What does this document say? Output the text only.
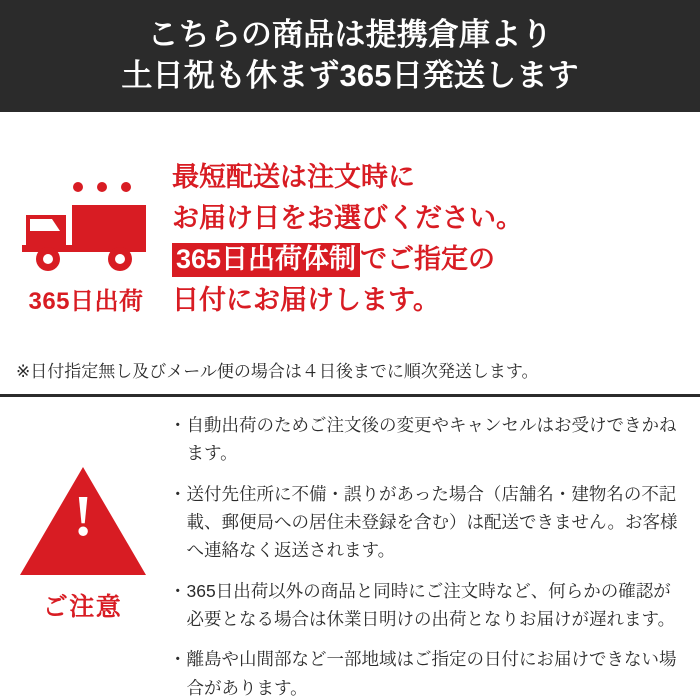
こちらの商品は提携倉庫より
土日祝も休まず365日発送します
365日出荷
最短配送は注文時に
お届け日をお選びください。
365日出荷体制 でご指定の
日付にお届けします。
※日付指定無し及びメール便の場合は４日後までに順次発送します。
!
ご注意
・ 自動出荷のためご注文後の変更やキャンセルはお受けできかねます。
・ 送付先住所に不備・誤りがあった場合（店舗名・建物名の不記載、郵便局への居住未登録を含む）は配送できません。お客様へ連絡なく返送されます。
・ 365日出荷以外の商品と同時にご注文時など、何らかの確認が必要となる場合は休業日明けの出荷となりお届けが遅れます。
・ 離島や山間部など一部地域はご指定の日付にお届けできない場合があります。
